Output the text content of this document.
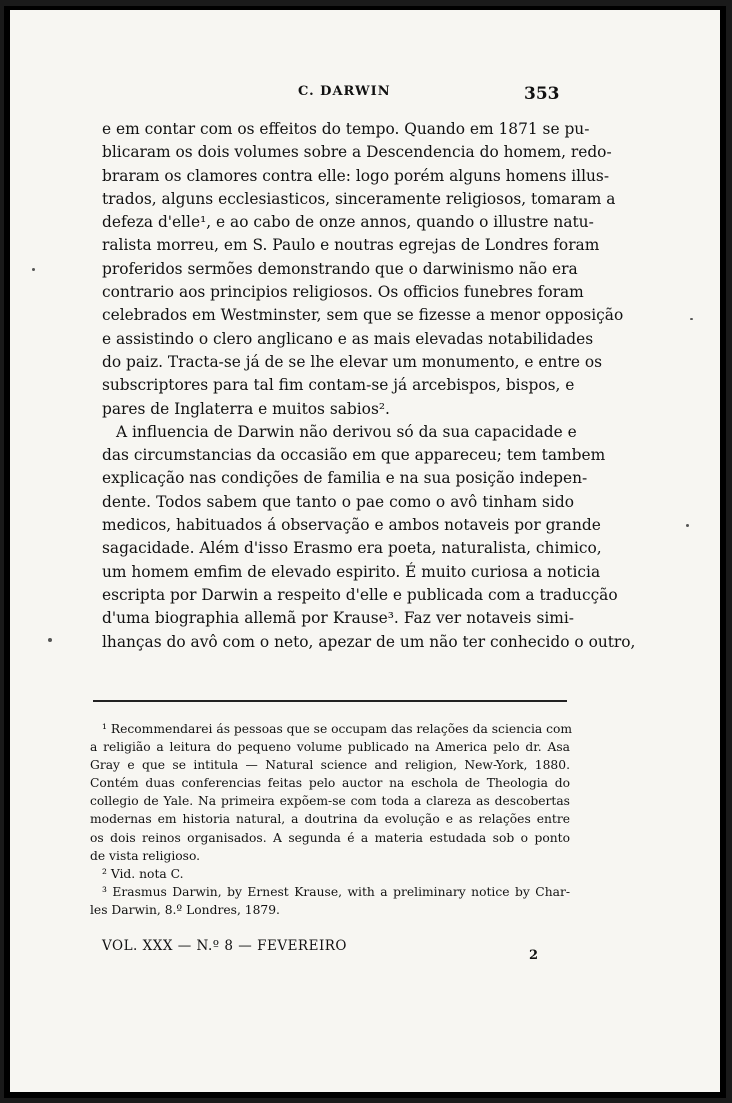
C. DARWIN	353
e em contar com os effeitos do tempo. Quando em 1871 se pu-
blicaram os dois volumes sobre a Descendencia do homem, redo-
braram os clamores contra elle: logo porém alguns homens illus-
trados, alguns ecclesiasticos, sinceramente religiosos, tomaram a
defeza d'elle¹, e ao cabo de onze annos, quando o illustre natu-
ralista morreu, em S. Paulo e noutras egrejas de Londres foram
proferidos sermões demonstrando que o darwinismo não era
contrario aos principios religiosos. Os officios funebres foram
celebrados em Westminster, sem que se fizesse a menor opposição
e assistindo o clero anglicano e as mais elevadas notabilidades
do paiz. Tracta-se já de se lhe elevar um monumento, e entre os
subscriptores para tal fim contam-se já arcebispos, bispos, e
pares de Inglaterra e muitos sabios².
A influencia de Darwin não derivou só da sua capacidade e
das circumstancias da occasião em que appareceu; tem tambem
explicação nas condições de familia e na sua posição indepen-
dente. Todos sabem que tanto o pae como o avô tinham sido
medicos, habituados á observação e ambos notaveis por grande
sagacidade. Além d'isso Erasmo era poeta, naturalista, chimico,
um homem emfim de elevado espirito. É muito curiosa a noticia
escripta por Darwin a respeito d'elle e publicada com a traducção
d'uma biographia allemã por Krause³. Faz ver notaveis simi-
lhanças do avô com o neto, apezar de um não ter conhecido o outro,
¹ Recommendarei ás pessoas que se occupam das relações da sciencia com
a religião a leitura do pequeno volume publicado na America pelo dr. Asa
Gray e que se intitula — Natural science and religion, New-York, 1880.
Contém duas conferencias feitas pelo auctor na escholа de Theologia do
collegio de Yale. Na primeira expõem-se com toda a clareza as descobertas
modernas em historia natural, a doutrina da evolução e as relações entre
os dois reinos organisados. A segunda é a materia estudada sob o ponto
de vista religioso.
² Vid. nota C.
³ Erasmus Darwin, by Ernest Krause, with a preliminary notice by Char-
les Darwin, 8.º Londres, 1879.
VOL. XXX — N.º 8 — FEVEREIRO
2
